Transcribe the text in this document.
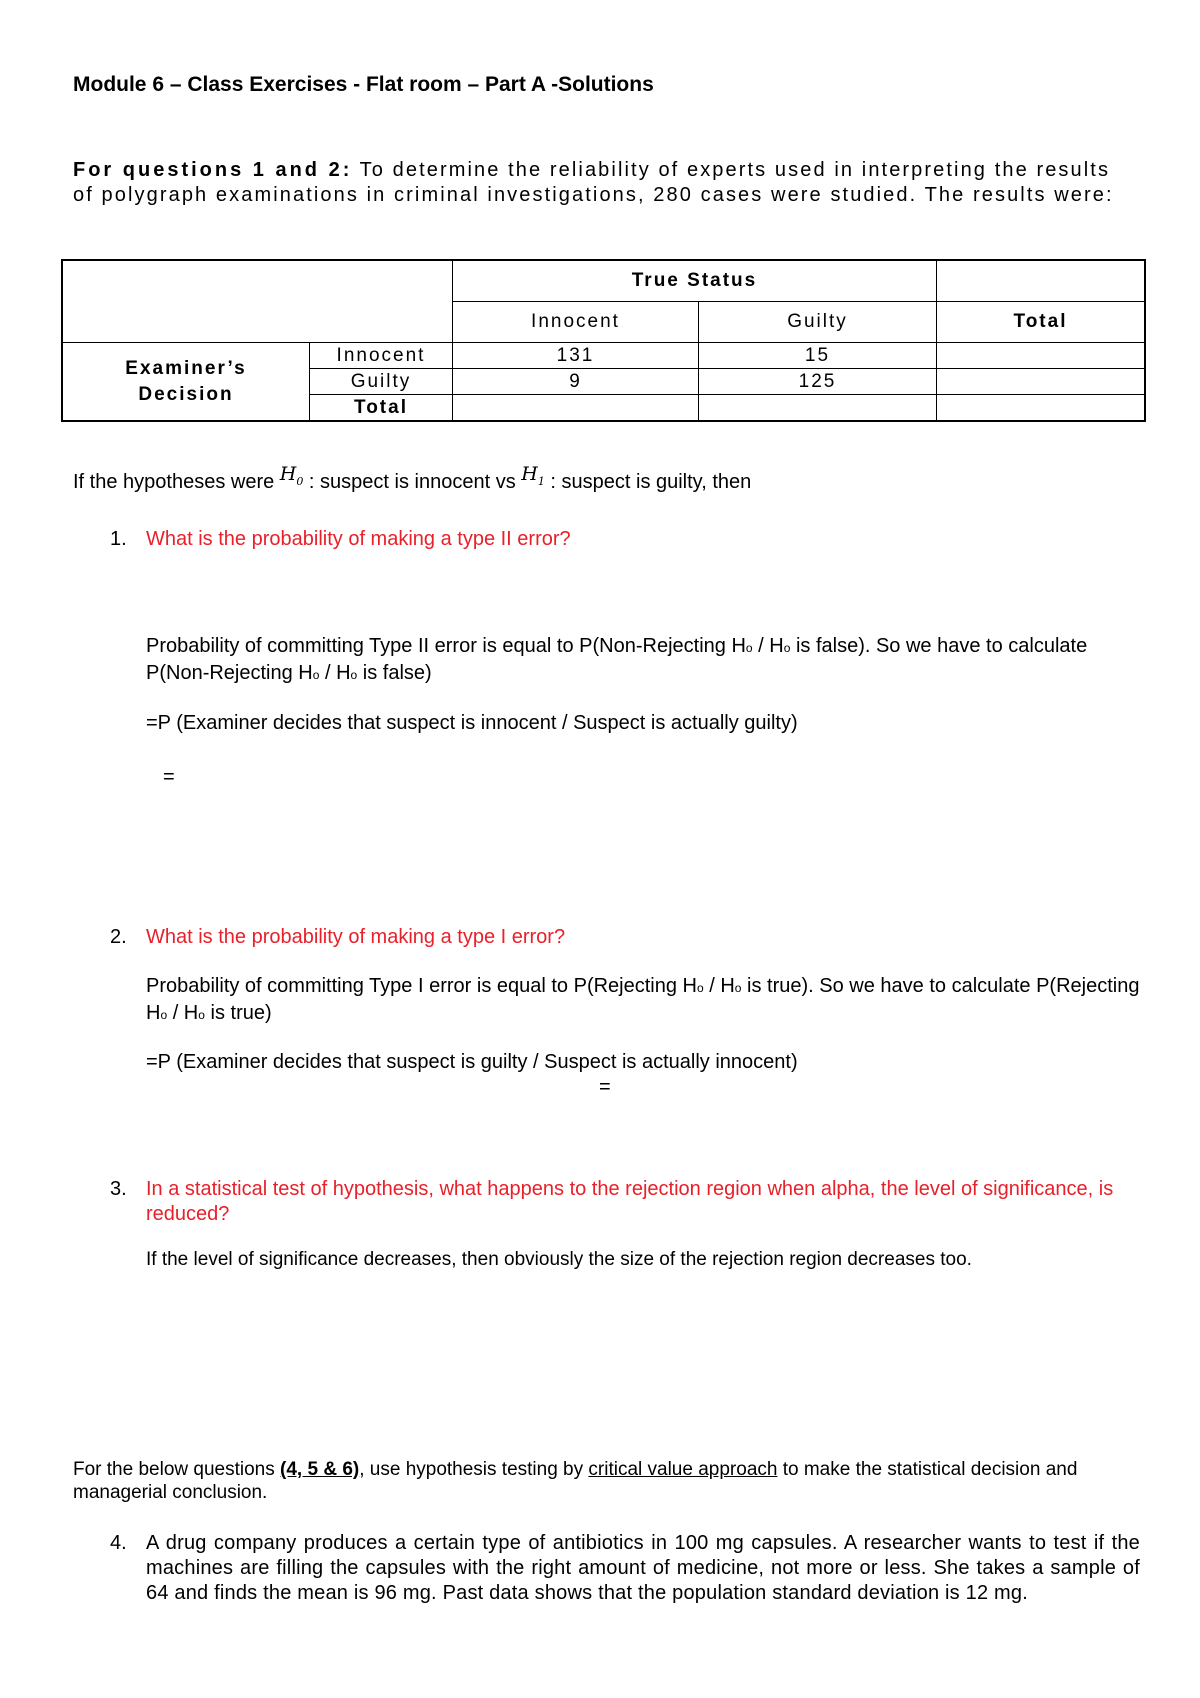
Module 6 – Class Exercises - Flat room – Part A -Solutions
For questions 1 and 2: To determine the reliability of experts used in interpreting the results of polygraph examinations in criminal investigations, 280 cases were studied. The results were:
		True Status		
		Innocent	Guilty	Total
Examiner’s
Decision	Innocent	131	15	
	Guilty	9	125	
	Total			
If the hypotheses were $H_0$ : suspect is innocent vs $H_1$ : suspect is guilty, then
1. What is the probability of making a type II error?
Probability of committing Type II error is equal to P(Non-Rejecting Ho / Ho is false). So we have to calculate P(Non-Rejecting Ho / Ho is false)
=P (Examiner decides that suspect is innocent / Suspect is actually guilty)
=
2. What is the probability of making a type I error?
Probability of committing Type I error is equal to P(Rejecting Ho / Ho is true). So we have to calculate P(Rejecting Ho / Ho is true)
=P (Examiner decides that suspect is guilty / Suspect is actually innocent)
=
3. In a statistical test of hypothesis, what happens to the rejection region when alpha, the level of significance, is reduced?
If the level of significance decreases, then obviously the size of the rejection region decreases too.
For the below questions (4, 5 & 6), use hypothesis testing by critical value approach to make the statistical decision and managerial conclusion.
4. A drug company produces a certain type of antibiotics in 100 mg capsules. A researcher wants to test if the machines are filling the capsules with the right amount of medicine, not more or less. She takes a sample of 64 and finds the mean is 96 mg. Past data shows that the population standard deviation is 12 mg.
